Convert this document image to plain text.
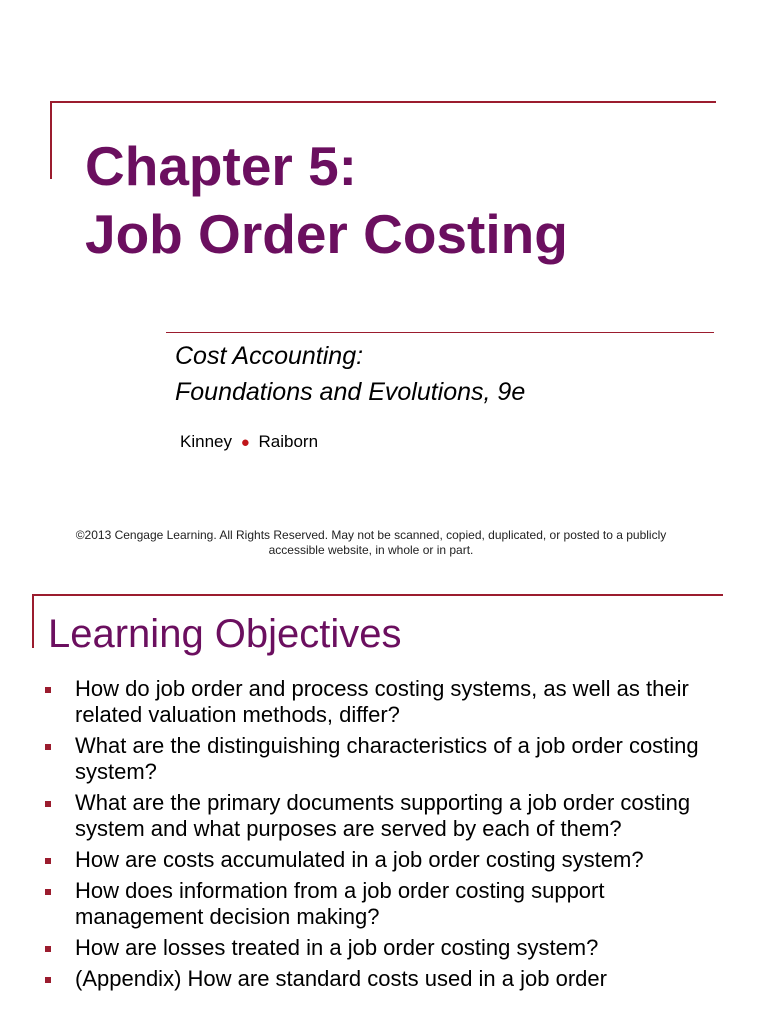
Chapter 5:
Job Order Costing

Cost Accounting:
Foundations and Evolutions, 9e

Kinney ● Raiborn
©2013 Cengage Learning. All Rights Reserved. May not be scanned, copied, duplicated, or posted to a publicly
accessible website, in whole or in part.
Learning Objectives
How do job order and process costing systems, as well as their related valuation methods, differ?
What are the distinguishing characteristics of a job order costing system?
What are the primary documents supporting a job order costing system and what purposes are served by each of them?
How are costs accumulated in a job order costing system?
How does information from a job order costing support management decision making?
How are losses treated in a job order costing system?
(Appendix) How are standard costs used in a job order
